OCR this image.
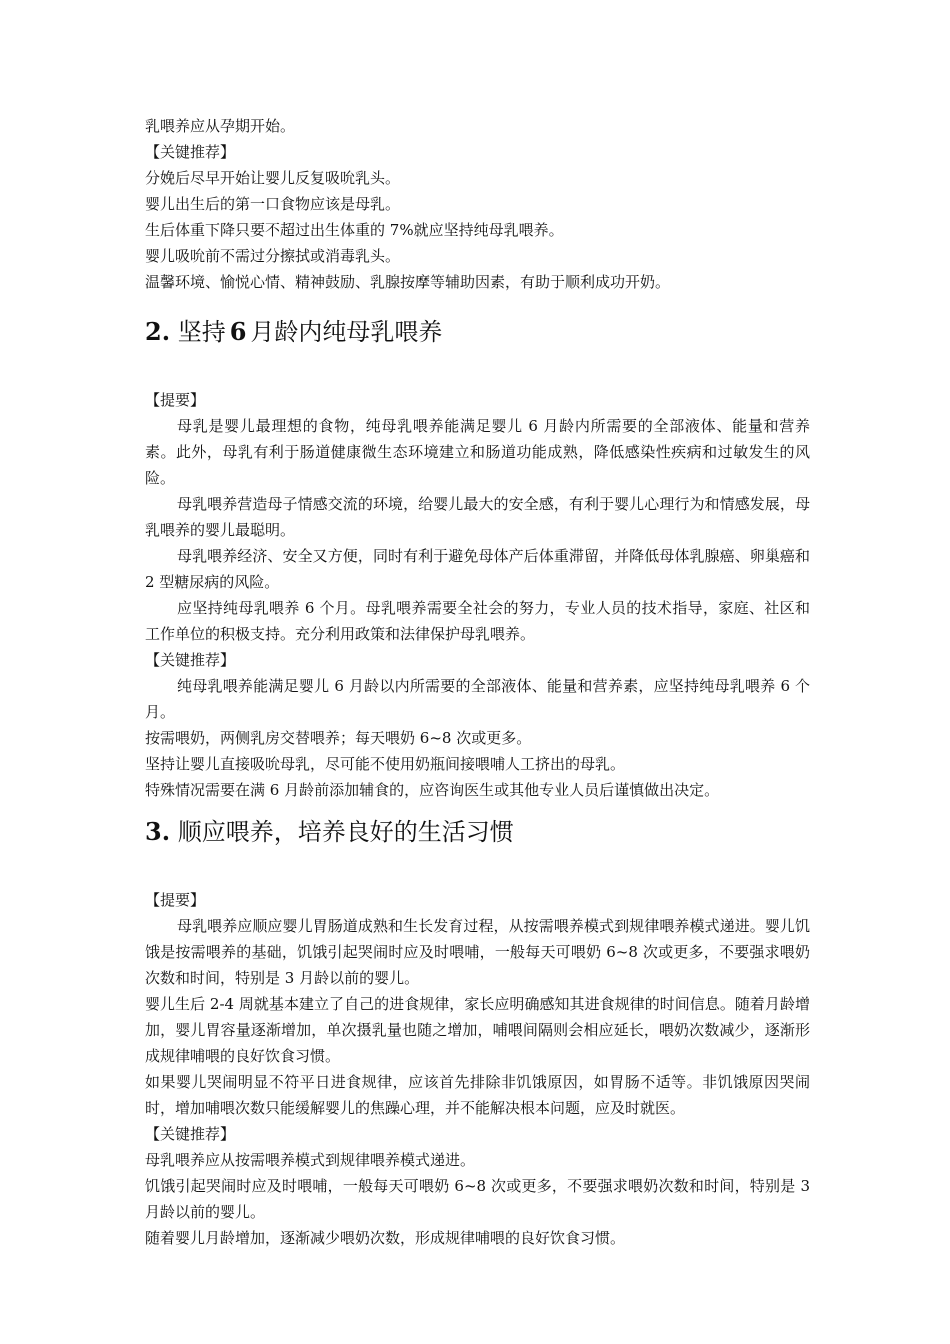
乳喂养应从孕期开始。

【关键推荐】

分娩后尽早开始让婴儿反复吸吮乳头。

婴儿出生后的第一口食物应该是母乳。

生后体重下降只要不超过出生体重的 7%就应坚持纯母乳喂养。

婴儿吸吮前不需过分擦拭或消毒乳头。

温馨环境、愉悦心情、精神鼓励、乳腺按摩等辅助因素，有助于顺利成功开奶。

2. 坚持 6 月龄内纯母乳喂养

【提要】

母乳是婴儿最理想的食物，纯母乳喂养能满足婴儿 6 月龄内所需要的全部液体、能量和营养素。此外，母乳有利于肠道健康微生态环境建立和肠道功能成熟，降低感染性疾病和过敏发生的风险。

母乳喂养营造母子情感交流的环境，给婴儿最大的安全感，有利于婴儿心理行为和情感发展，母乳喂养的婴儿最聪明。

母乳喂养经济、安全又方便，同时有利于避免母体产后体重滞留，并降低母体乳腺癌、卵巢癌和 2 型糖尿病的风险。

应坚持纯母乳喂养 6 个月。母乳喂养需要全社会的努力，专业人员的技术指导，家庭、社区和工作单位的积极支持。充分利用政策和法律保护母乳喂养。

【关键推荐】

纯母乳喂养能满足婴儿 6 月龄以内所需要的全部液体、能量和营养素，应坚持纯母乳喂养 6 个月。

按需喂奶，两侧乳房交替喂养；每天喂奶 6~8 次或更多。

坚持让婴儿直接吸吮母乳，尽可能不使用奶瓶间接喂哺人工挤出的母乳。

特殊情况需要在满 6 月龄前添加辅食的，应咨询医生或其他专业人员后谨慎做出决定。

3. 顺应喂养，培养良好的生活习惯

【提要】

母乳喂养应顺应婴儿胃肠道成熟和生长发育过程，从按需喂养模式到规律喂养模式递进。婴儿饥饿是按需喂养的基础，饥饿引起哭闹时应及时喂哺，一般每天可喂奶 6~8 次或更多，不要强求喂奶次数和时间，特别是 3 月龄以前的婴儿。

婴儿生后 2-4 周就基本建立了自己的进食规律，家长应明确感知其进食规律的时间信息。随着月龄增加，婴儿胃容量逐渐增加，单次摄乳量也随之增加，哺喂间隔则会相应延长，喂奶次数减少，逐渐形成规律哺喂的良好饮食习惯。

如果婴儿哭闹明显不符平日进食规律，应该首先排除非饥饿原因，如胃肠不适等。非饥饿原因哭闹时，增加哺喂次数只能缓解婴儿的焦躁心理，并不能解决根本问题，应及时就医。

【关键推荐】

母乳喂养应从按需喂养模式到规律喂养模式递进。

饥饿引起哭闹时应及时喂哺，一般每天可喂奶 6~8 次或更多，不要强求喂奶次数和时间，特别是 3 月龄以前的婴儿。

随着婴儿月龄增加，逐渐减少喂奶次数，形成规律哺喂的良好饮食习惯。
